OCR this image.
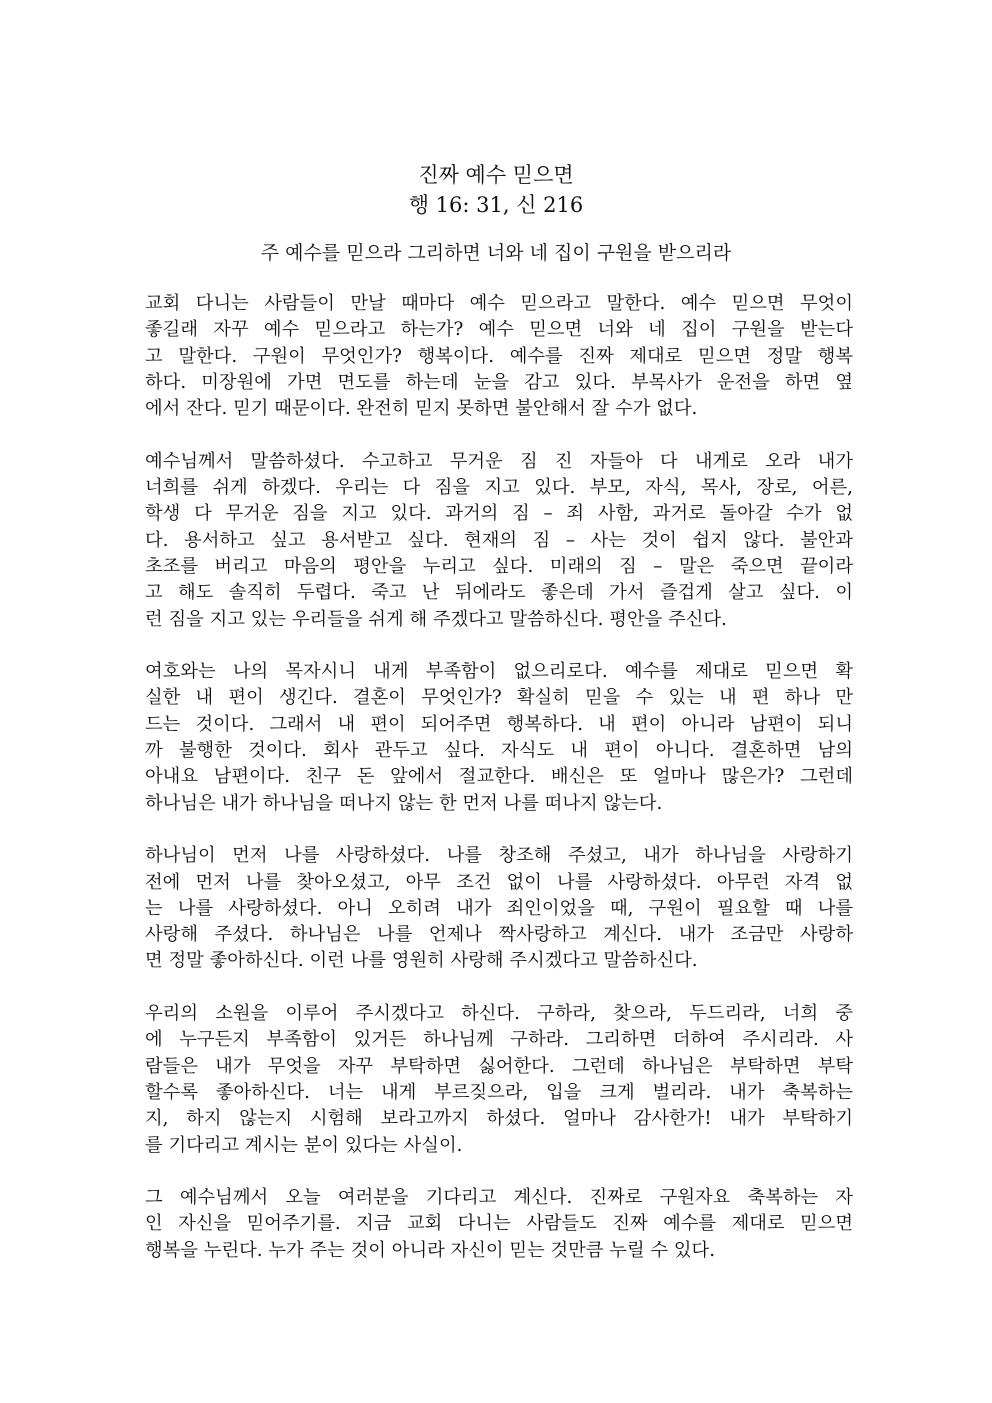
진짜 예수 믿으면
행 16: 31, 신 216

주 예수를 믿으라 그리하면 너와 네 집이 구원을 받으리라

교회 다니는 사람들이 만날 때마다 예수 믿으라고 말한다. 예수 믿으면 무엇이
좋길래 자꾸 예수 믿으라고 하는가? 예수 믿으면 너와 네 집이 구원을 받는다
고 말한다. 구원이 무엇인가? 행복이다. 예수를 진짜 제대로 믿으면 정말 행복
하다. 미장원에 가면 면도를 하는데 눈을 감고 있다. 부목사가 운전을 하면 옆
에서 잔다. 믿기 때문이다. 완전히 믿지 못하면 불안해서 잘 수가 없다.

예수님께서 말씀하셨다. 수고하고 무거운 짐 진 자들아 다 내게로 오라 내가
너희를 쉬게 하겠다. 우리는 다 짐을 지고 있다. 부모, 자식, 목사, 장로, 어른,
학생 다 무거운 짐을 지고 있다. 과거의 짐 – 죄 사함, 과거로 돌아갈 수가 없
다. 용서하고 싶고 용서받고 싶다. 현재의 짐 – 사는 것이 쉽지 않다. 불안과
초조를 버리고 마음의 평안을 누리고 싶다. 미래의 짐 – 말은 죽으면 끝이라
고 해도 솔직히 두렵다. 죽고 난 뒤에라도 좋은데 가서 즐겁게 살고 싶다. 이
런 짐을 지고 있는 우리들을 쉬게 해 주겠다고 말씀하신다. 평안을 주신다.

여호와는 나의 목자시니 내게 부족함이 없으리로다. 예수를 제대로 믿으면 확
실한 내 편이 생긴다. 결혼이 무엇인가? 확실히 믿을 수 있는 내 편 하나 만
드는 것이다. 그래서 내 편이 되어주면 행복하다. 내 편이 아니라 남편이 되니
까 불행한 것이다. 회사 관두고 싶다. 자식도 내 편이 아니다. 결혼하면 남의
아내요 남편이다. 친구 돈 앞에서 절교한다. 배신은 또 얼마나 많은가? 그런데
하나님은 내가 하나님을 떠나지 않는 한 먼저 나를 떠나지 않는다.

하나님이 먼저 나를 사랑하셨다. 나를 창조해 주셨고, 내가 하나님을 사랑하기
전에 먼저 나를 찾아오셨고, 아무 조건 없이 나를 사랑하셨다. 아무런 자격 없
는 나를 사랑하셨다. 아니 오히려 내가 죄인이었을 때, 구원이 필요할 때 나를
사랑해 주셨다. 하나님은 나를 언제나 짝사랑하고 계신다. 내가 조금만 사랑하
면 정말 좋아하신다. 이런 나를 영원히 사랑해 주시겠다고 말씀하신다.

우리의 소원을 이루어 주시겠다고 하신다. 구하라, 찾으라, 두드리라, 너희 중
에 누구든지 부족함이 있거든 하나님께 구하라. 그리하면 더하여 주시리라. 사
람들은 내가 무엇을 자꾸 부탁하면 싫어한다. 그런데 하나님은 부탁하면 부탁
할수록 좋아하신다. 너는 내게 부르짖으라, 입을 크게 벌리라. 내가 축복하는
지, 하지 않는지 시험해 보라고까지 하셨다. 얼마나 감사한가! 내가 부탁하기
를 기다리고 계시는 분이 있다는 사실이.

그 예수님께서 오늘 여러분을 기다리고 계신다. 진짜로 구원자요 축복하는 자
인 자신을 믿어주기를. 지금 교회 다니는 사람들도 진짜 예수를 제대로 믿으면
행복을 누린다. 누가 주는 것이 아니라 자신이 믿는 것만큼 누릴 수 있다.
